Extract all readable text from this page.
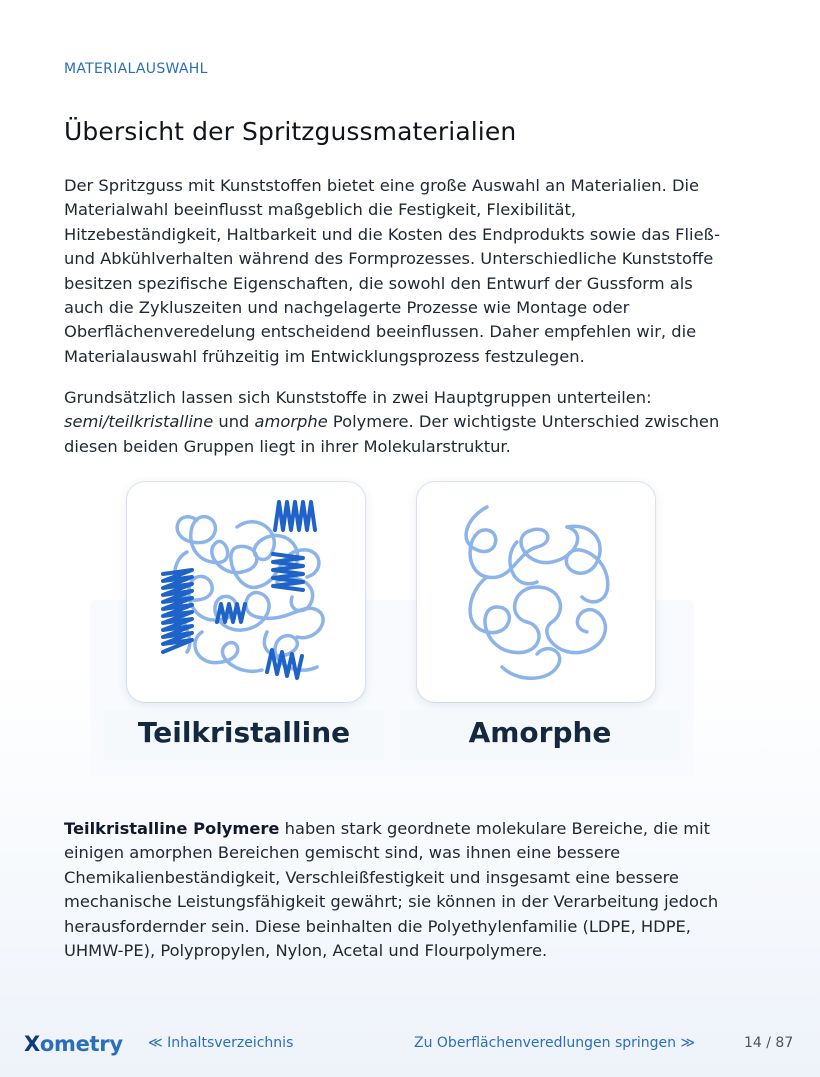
MATERIALAUSWAHL
Übersicht der Spritzgussmaterialien

Der Spritzguss mit Kunststoffen bietet eine große Auswahl an Materialien. Die Materialwahl beeinflusst maßgeblich die Festigkeit, Flexibilität, Hitzebeständigkeit, Haltbarkeit und die Kosten des Endprodukts sowie das Fließ- und Abkühlverhalten während des Formprozesses. Unterschiedliche Kunststoffe besitzen spezifische Eigenschaften, die sowohl den Entwurf der Gussform als auch die Zykluszeiten und nachgelagerte Prozesse wie Montage oder Oberflächenveredelung entscheidend beeinflussen. Daher empfehlen wir, die Materialauswahl frühzeitig im Entwicklungsprozess festzulegen.

Grundsätzlich lassen sich Kunststoffe in zwei Hauptgruppen unterteilen: semi/teilkristalline und amorphe Polymere. Der wichtigste Unterschied zwischen diesen beiden Gruppen liegt in ihrer Molekularstruktur.

Teilkristalline	Amorphe

Teilkristalline Polymere haben stark geordnete molekulare Bereiche, die mit einigen amorphen Bereichen gemischt sind, was ihnen eine bessere Chemikalienbeständigkeit, Verschleißfestigkeit und insgesamt eine bessere mechanische Leistungsfähigkeit gewährt; sie können in der Verarbeitung jedoch herausfordernder sein. Diese beinhalten die Polyethylenfamilie (LDPE, HDPE, UHMW-PE), Polypropylen, Nylon, Acetal und Flourpolymere.

Xometry ≪ Inhaltsverzeichnis	Zu Oberflächenveredlungen springen ≫	14 / 87
